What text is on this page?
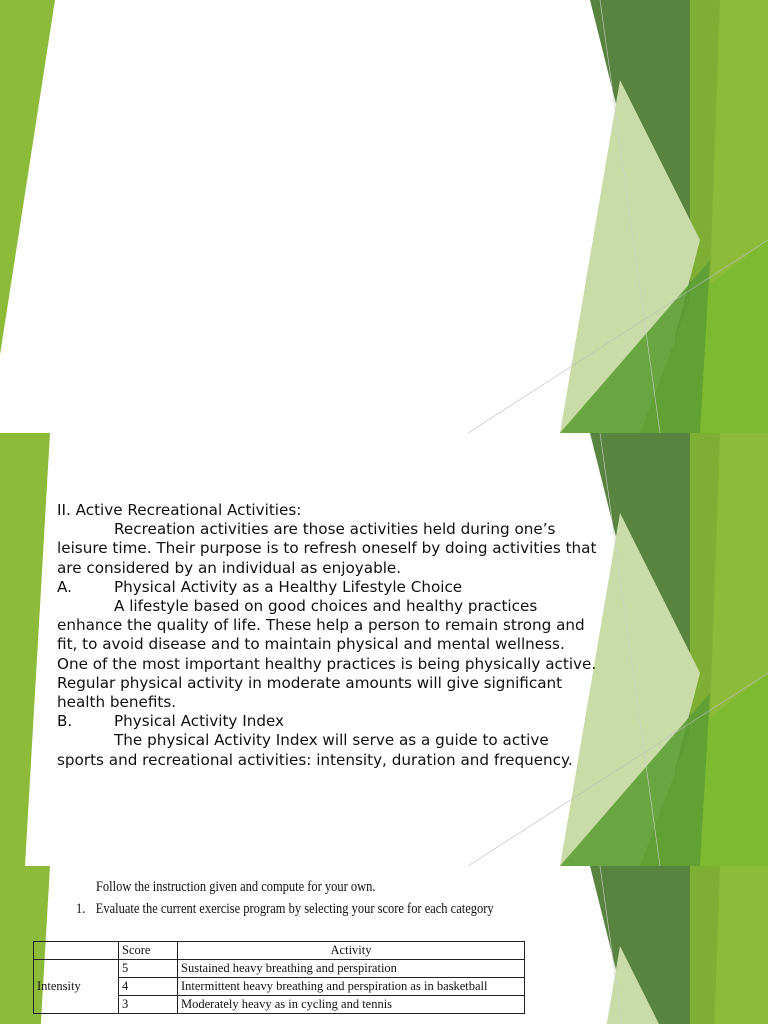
II. Active Recreational Activities:

Recreation activities are those activities held during one’s leisure time. Their purpose is to refresh oneself by doing activities that are considered by an individual as enjoyable.

A.	Physical Activity as a Healthy Lifestyle Choice

A lifestyle based on good choices and healthy practices enhance the quality of life. These help a person to remain strong and fit, to avoid disease and to maintain physical and mental wellness. One of the most important healthy practices is being physically active. Regular physical activity in moderate amounts will give significant health benefits.

B.	Physical Activity Index

The physical Activity Index will serve as a guide to active sports and recreational activities: intensity, duration and frequency.

Follow the instruction given and compute for your own.
1. Evaluate the current exercise program by selecting your score for each category
	Score	Activity
Intensity	5	Sustained heavy breathing and perspiration
	4	Intermittent heavy breathing and perspiration as in basketball
	3	Moderately heavy as in cycling and tennis
